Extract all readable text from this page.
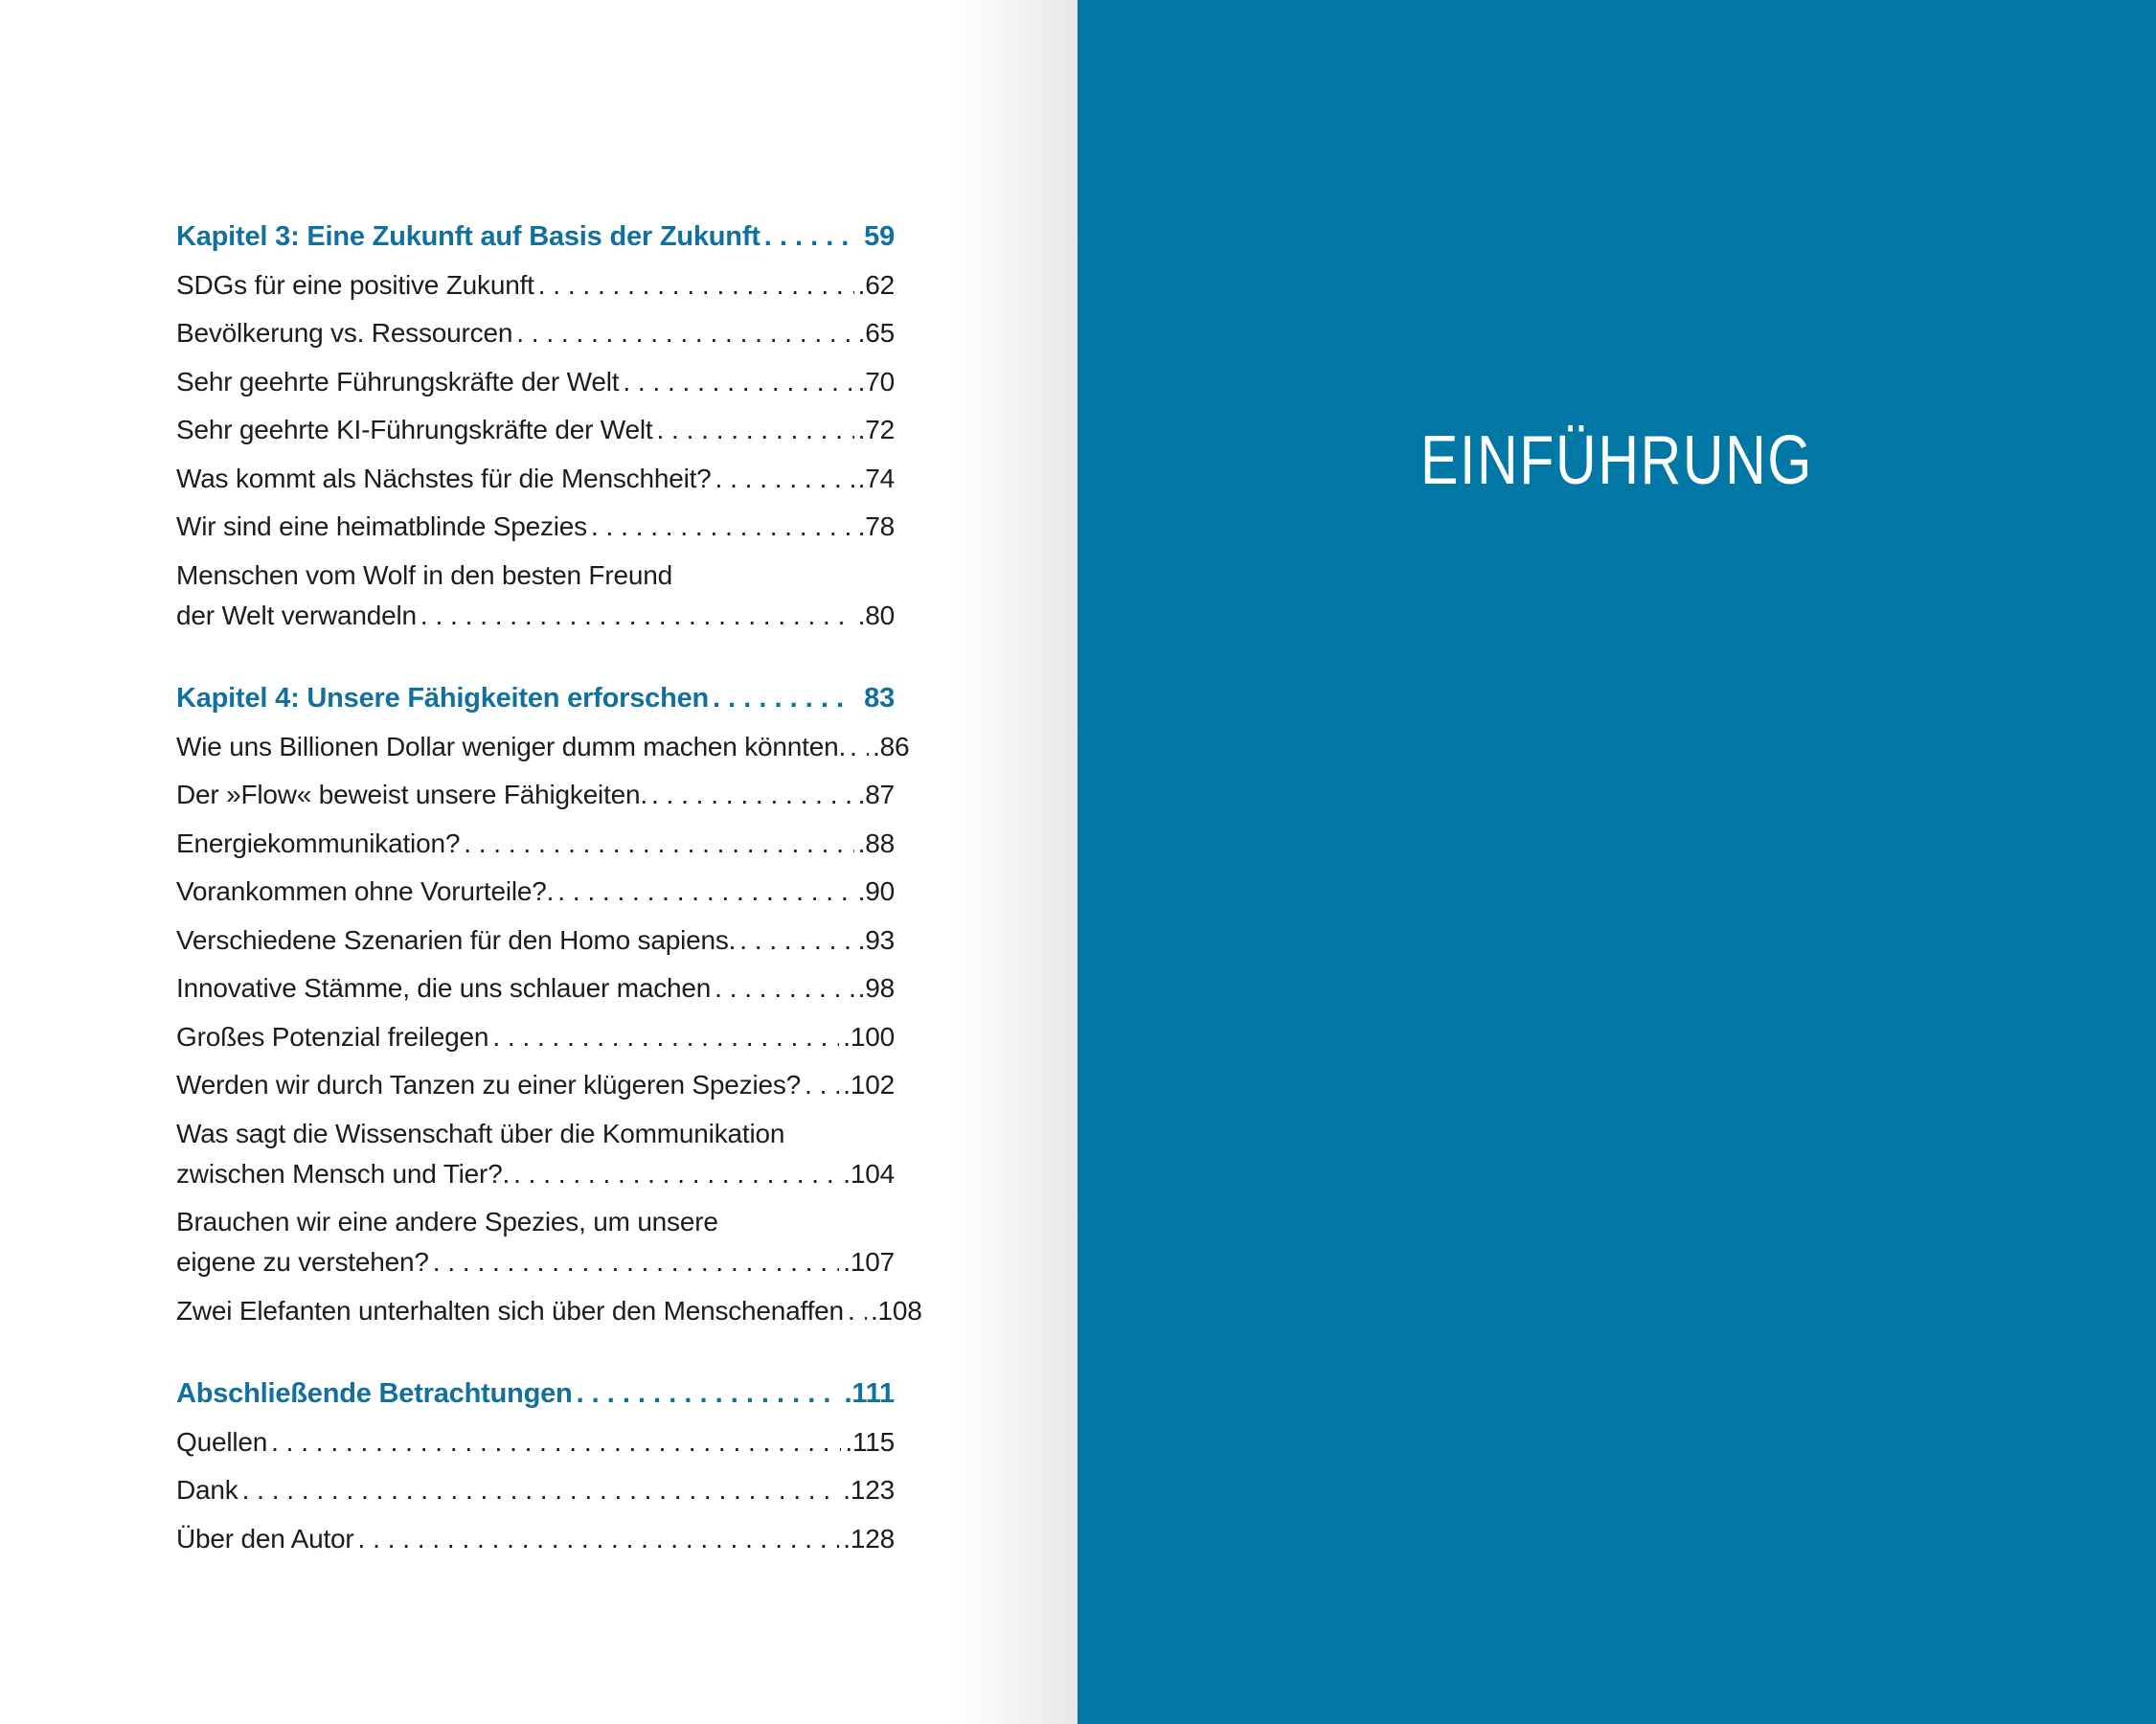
Kapitel 3: Eine Zukunft auf Basis der Zukunft . . .	59
SDGs für eine positive Zukunft . . .	.62
Bevölkerung vs. Ressourcen . . .	.65
Sehr geehrte Führungskräfte der Welt . . .	.70
Sehr geehrte KI-Führungskräfte der Welt . . .	.72
Was kommt als Nächstes für die Menschheit? . . .	.74
Wir sind eine heimatblinde Spezies . . .	.78
Menschen vom Wolf in den besten Freund
der Welt verwandeln . . .	.80
Kapitel 4: Unsere Fähigkeiten erforschen . . .	83
Wie uns Billionen Dollar weniger dumm machen könnten. . . . .86
Der »Flow« beweist unsere Fähigkeiten. . . .	.87
Energiekommunikation? . . .	.88
Vorankommen ohne Vorurteile?. . . .	.90
Verschiedene Szenarien für den Homo sapiens. . . .	.93
Innovative Stämme, die uns schlauer machen . . .	.98
Großes Potenzial freilegen . . .	.100
Werden wir durch Tanzen zu einer klügeren Spezies? . . . .102
Was sagt die Wissenschaft über die Kommunikation
zwischen Mensch und Tier?. . . .	.104
Brauchen wir eine andere Spezies, um unsere
eigene zu verstehen? . . .	.107
Zwei Elefanten unterhalten sich über den Menschenaffen . . . .108
Abschließende Betrachtungen . . .	.111
Quellen . . .	.115
Dank . . .	.123
Über den Autor . . .	.128
EINFÜHRUNG
